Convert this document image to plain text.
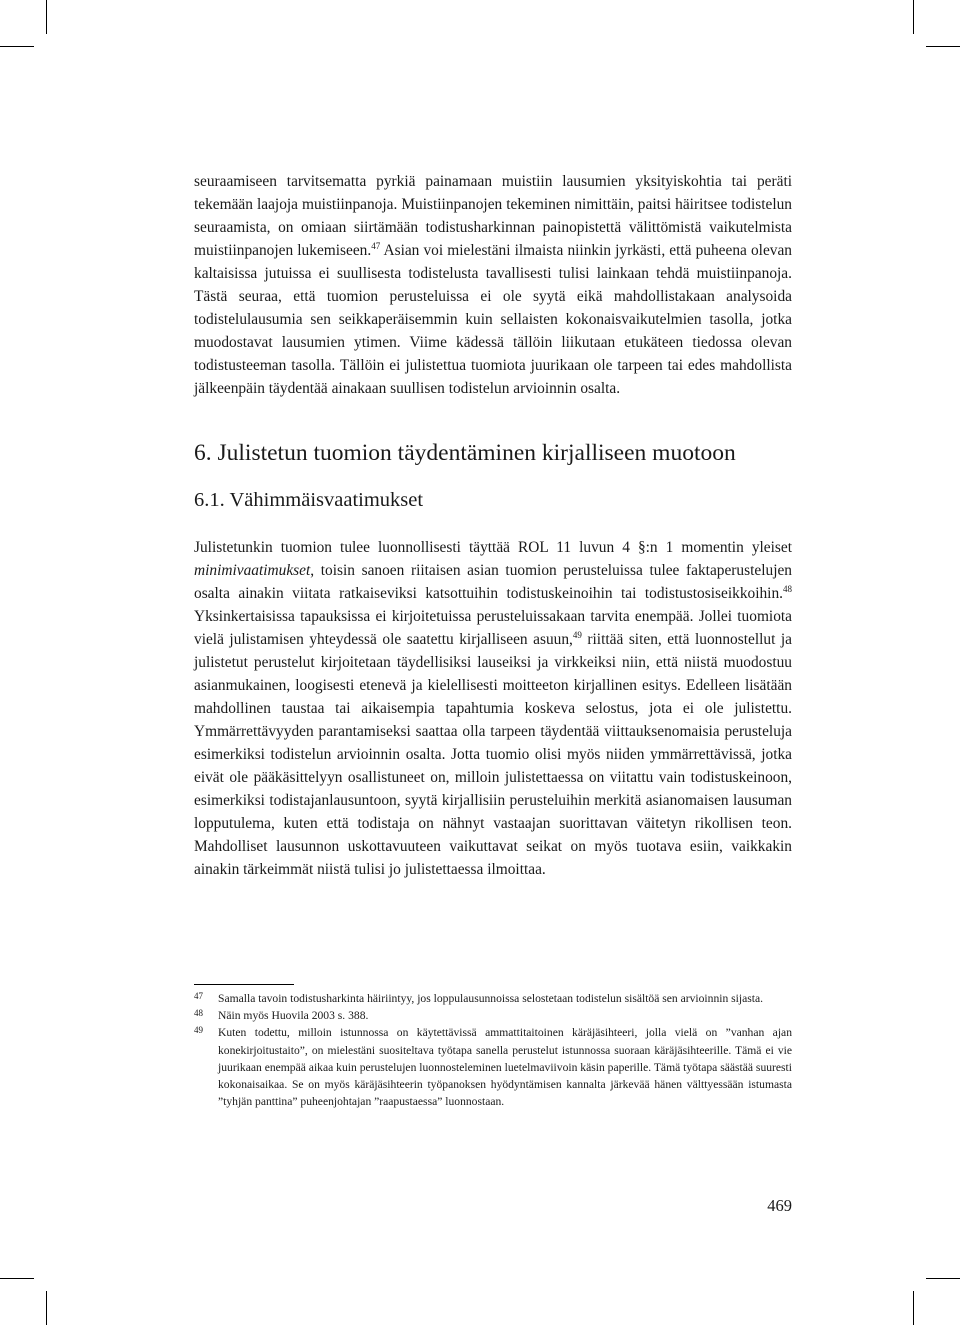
seuraamiseen tarvitsematta pyrkiä painamaan muistiin lausumien yksityiskohtia tai peräti tekemään laajoja muistiinpanoja. Muistiinpanojen tekeminen nimittäin, paitsi häiritsee todistelun seuraamista, on omiaan siirtämään todistusharkinnan painopistettä välittömistä vaikutelmista muistiinpanojen lukemiseen.$^{47}$ Asian voi mielestäni ilmaista niinkin jyrkästi, että puheena olevan kaltaisissa jutuissa ei suullisesta todistelusta tavallisesti tulisi lainkaan tehdä muistiinpanoja. Tästä seuraa, että tuomion perusteluissa ei ole syytä eikä mahdollistakaan analysoida todistelulausumia sen seikkaperäisemmin kuin sellaisten kokonaisvaikutelmien tasolla, jotka muodostavat lausumien ytimen. Viime kädessä tällöin liikutaan etukäteen tiedossa olevan todistusteeman tasolla. Tällöin ei julistettua tuomiota juurikaan ole tarpeen tai edes mahdollista jälkeenpäin täydentää ainakaan suullisen todistelun arvioinnin osalta.

6. Julistetun tuomion täydentäminen kirjalliseen muotoon
6.1. Vähimmäisvaatimukset

Julistetunkin tuomion tulee luonnollisesti täyttää ROL 11 luvun 4 §:n 1 momentin yleiset minimivaatimukset, toisin sanoen riitaisen asian tuomion perusteluissa tulee faktaperustelujen osalta ainakin viitata ratkaiseviksi katsottuihin todistuskeinoihin tai todistustosiseikkoihin.$^{48}$ Yksinkertaisissa tapauksissa ei kirjoitetuissa perusteluissakaan tarvita enempää. Jollei tuomiota vielä julistamisen yhteydessä ole saatettu kirjalliseen asuun,$^{49}$ riittää siten, että luonnostellut ja julistetut perustelut kirjoitetaan täydellisiksi lauseiksi ja virkkeiksi niin, että niistä muodostuu asianmukainen, loogisesti etenevä ja kielellisesti moitteeton kirjallinen esitys. Edelleen lisätään mahdollinen taustaa tai aikaisempia tapahtumia koskeva selostus, jota ei ole julistettu. Ymmärrettävyyden parantamiseksi saattaa olla tarpeen täydentää viittauksenomaisia perusteluja esimerkiksi todistelun arvioinnin osalta. Jotta tuomio olisi myös niiden ymmärrettävissä, jotka eivät ole pääkäsittelyyn osallistuneet on, milloin julistettaessa on viitattu vain todistuskeinoon, esimerkiksi todistajanlausuntoon, syytä kirjallisiin perusteluihin merkitä asianomaisen lausuman lopputulema, kuten että todistaja on nähnyt vastaajan suorittavan väitetyn rikollisen teon. Mahdolliset lausunnon uskottavuuteen vaikuttavat seikat on myös tuotava esiin, vaikkakin ainakin tärkeimmät niistä tulisi jo julistettaessa ilmoittaa.

47	Samalla tavoin todistusharkinta häiriintyy, jos loppulausunnoissa selostetaan todistelun sisältöä sen arvioinnin sijasta.
48	Näin myös Huovila 2003 s. 388.
49	Kuten todettu, milloin istunnossa on käytettävissä ammattitaitoinen käräjäsihteeri, jolla vielä on ”vanhan ajan konekirjoitustaito”, on mielestäni suositeltava työtapa sanella perustelut istunnossa suoraan käräjäsihteerille. Tämä ei vie juurikaan enempää aikaa kuin perustelujen luonnosteleminen luetelmaviivoin käsin paperille. Tämä työtapa säästää suuresti kokonaisaikaa. Se on myös käräjäsihteerin työpanoksen hyödyntämisen kannalta järkevää hänen välttyessään istumasta ”tyhjän panttina” puheenjohtajan ”raapustaessa” luonnostaan.
469
